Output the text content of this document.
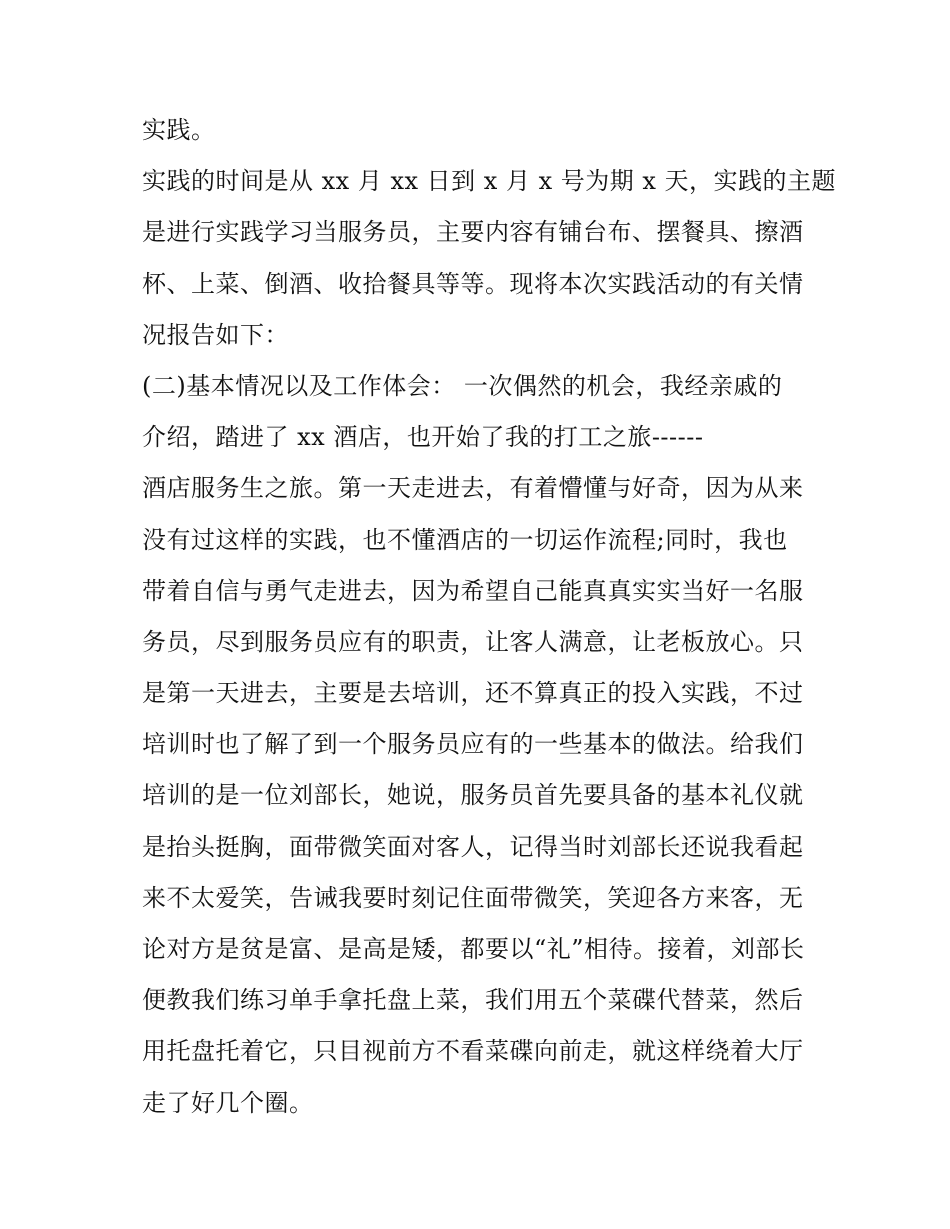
实践。
实践的时间是从 xx 月 xx 日到 x 月 x 号为期 x 天，实践的主题
是进行实践学习当服务员，主要内容有铺台布、摆餐具、擦酒
杯、上菜、倒酒、收拾餐具等等。现将本次实践活动的有关情
况报告如下：
(二)基本情况以及工作体会： 一次偶然的机会，我经亲戚的
介绍，踏进了 xx 酒店，也开始了我的打工之旅------
酒店服务生之旅。第一天走进去，有着懵懂与好奇，因为从来
没有过这样的实践，也不懂酒店的一切运作流程;同时，我也
带着自信与勇气走进去，因为希望自己能真真实实当好一名服
务员，尽到服务员应有的职责，让客人满意，让老板放心。只
是第一天进去，主要是去培训，还不算真正的投入实践，不过
培训时也了解了到一个服务员应有的一些基本的做法。给我们
培训的是一位刘部长，她说，服务员首先要具备的基本礼仪就
是抬头挺胸，面带微笑面对客人，记得当时刘部长还说我看起
来不太爱笑，告诫我要时刻记住面带微笑，笑迎各方来客，无
论对方是贫是富、是高是矮，都要以“礼”相待。接着，刘部长
便教我们练习单手拿托盘上菜，我们用五个菜碟代替菜，然后
用托盘托着它，只目视前方不看菜碟向前走，就这样绕着大厅
走了好几个圈。
